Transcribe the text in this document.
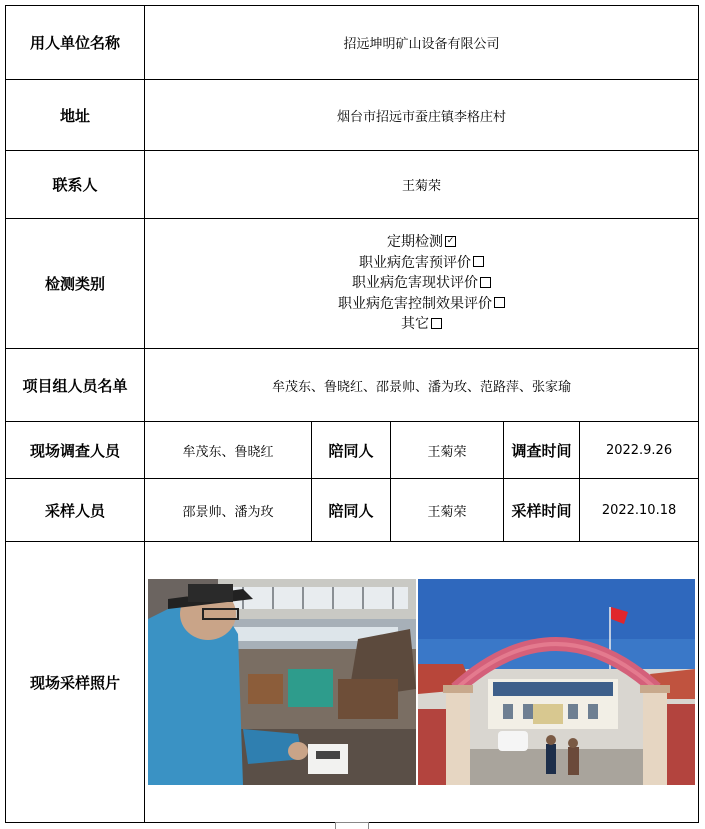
用人单位名称	招远坤明矿山设备有限公司				
地址	烟台市招远市蚕庄镇李格庄村				
联系人	王菊荣				
检测类别	定期检测 ✓
职业病危害预评价
职业病危害现状评价
职业病危害控制效果评价
其它				

项目组人员名单	牟茂东、鲁晓红、邵景帅、潘为玫、范路萍、张家瑜				
现场调查人员	牟茂东、鲁晓红	陪同人	王菊荣	调查时间	2022.9.26
采样人员	邵景帅、潘为玫	陪同人	王菊荣	采样时间	2022.10.18
现场采样照片	
